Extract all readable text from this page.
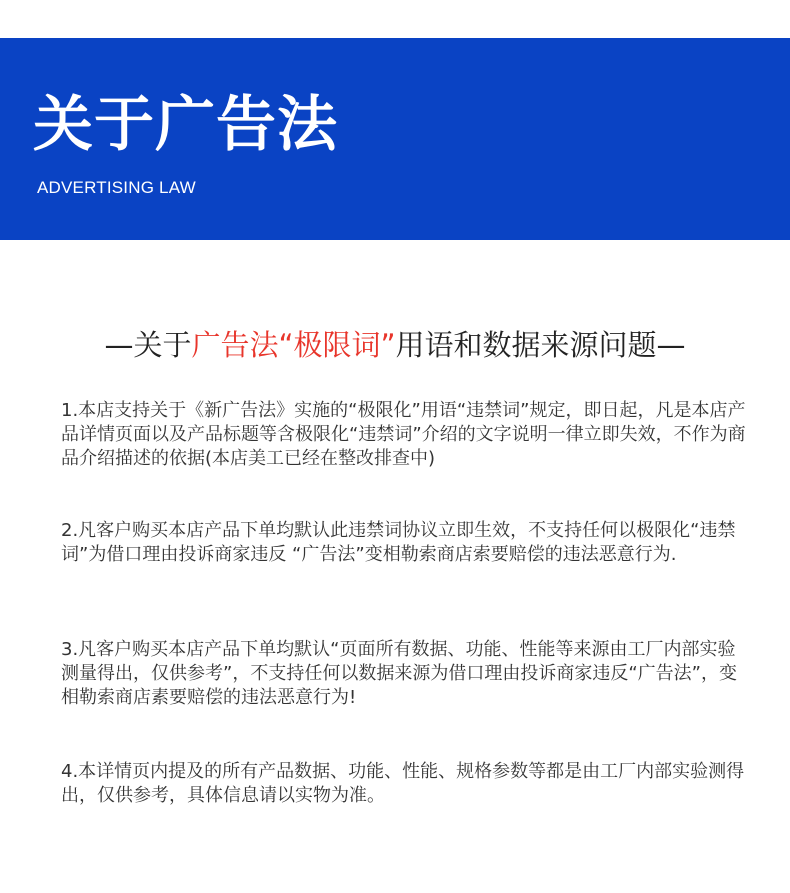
关于广告法

ADVERTISING LAW

—关于广告法“极限词”用语和数据来源问题—

1.本店支持关于《新广告法》实施的“极限化”用语“违禁词”规定，即日起，凡是本店产品详情页面以及产品标题等含极限化“违禁词”介绍的文字说明一律立即失效，不作为商品介绍描述的依据(本店美工已经在整改排查中)

2.凡客户购买本店产品下单均默认此违禁词协议立即生效，不支持任何以极限化“违禁词”为借口理由投诉商家违反 “广告法”变相勒索商店索要赔偿的违法恶意行为.

3.凡客户购买本店产品下单均默认“页面所有数据、功能、性能等来源由工厂内部实验测量得出，仅供参考”，不支持任何以数据来源为借口理由投诉商家违反“广告法”，变相勒索商店素要赔偿的违法恶意行为!

4.本详情页内提及的所有产品数据、功能、性能、规格参数等都是由工厂内部实验测得出，仅供参考，具体信息请以实物为准。
